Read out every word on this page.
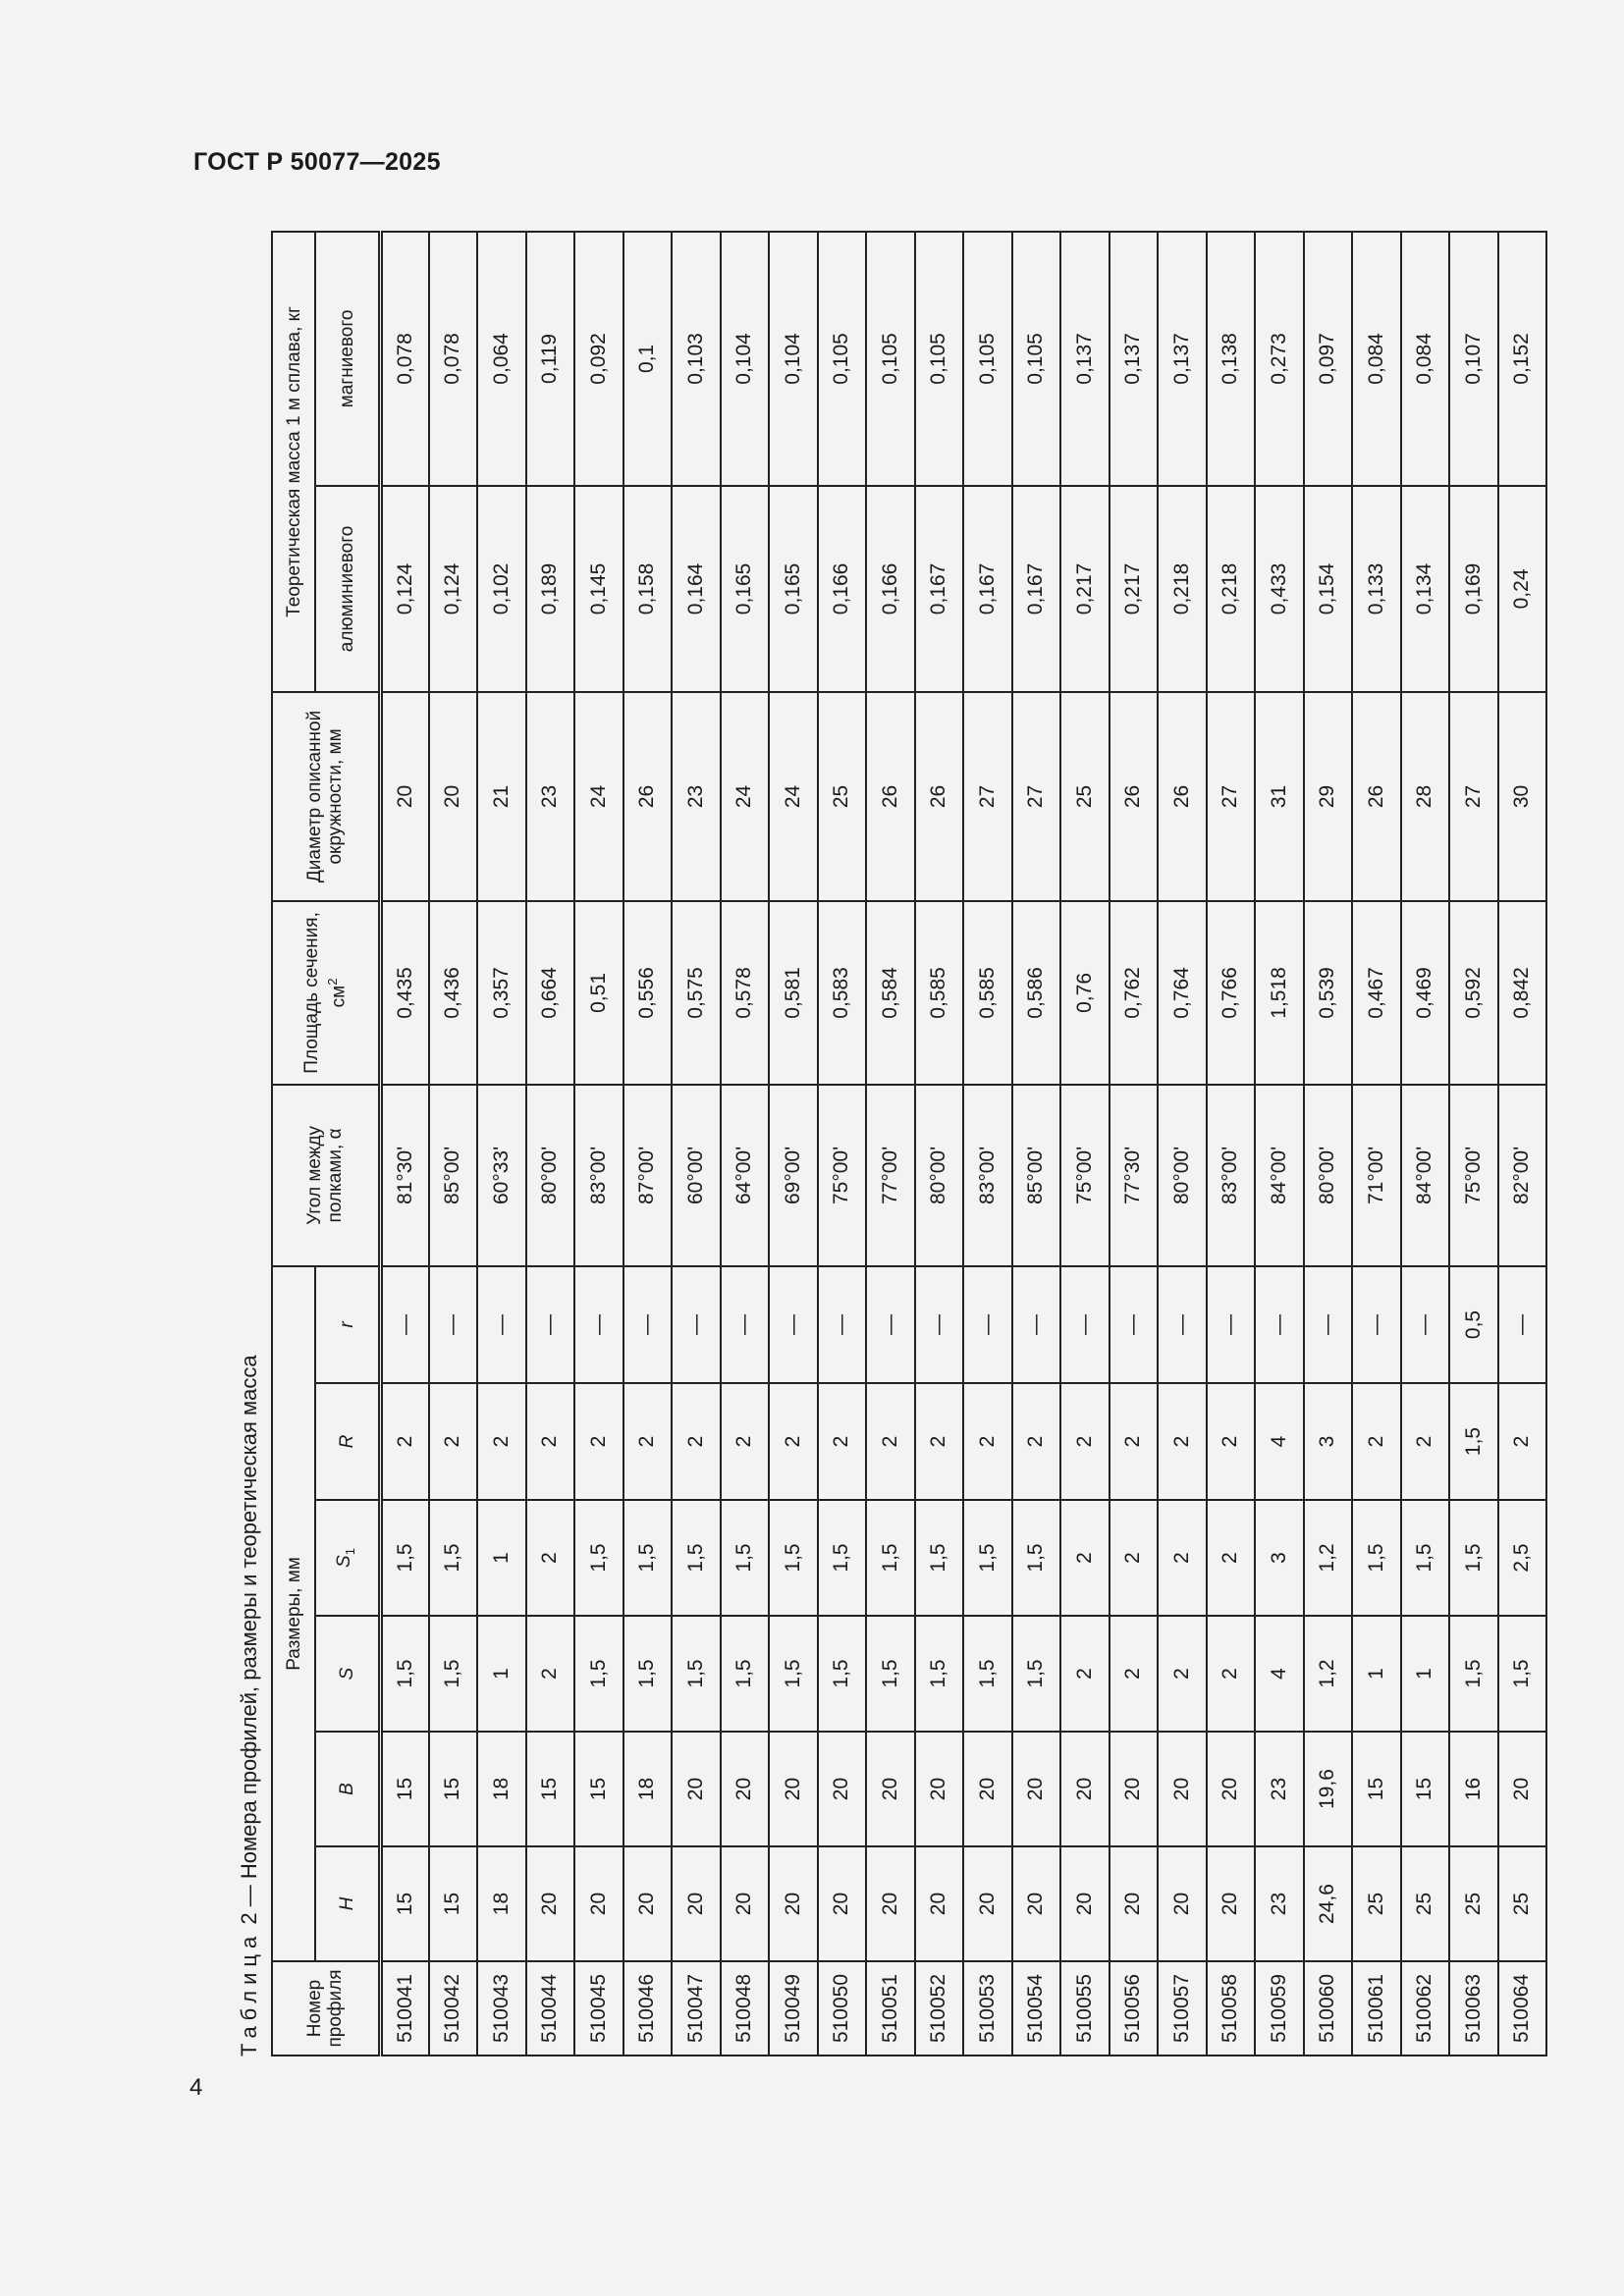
ГОСТ Р 50077—2025
Таблица 2 — Номера профилей, размеры и теоретическая масса
Номер профиля	Размеры, мм						Угол между полками, α	Площадь сечения, $см^2$	Диаметр описанной окружности, мм	Теоретическая масса 1 м сплава, кг	
	H	B	S	$S_1$	R	r				алюминиевого	магниевого
510041	15	15	1,5	1,5	2	—	81°30'	0,435	20	0,124	0,078
510042	15	15	1,5	1,5	2	—	85°00'	0,436	20	0,124	0,078
510043	18	18	1	1	2	—	60°33'	0,357	21	0,102	0,064
510044	20	15	2	2	2	—	80°00'	0,664	23	0,189	0,119
510045	20	15	1,5	1,5	2	—	83°00'	0,51	24	0,145	0,092
510046	20	18	1,5	1,5	2	—	87°00'	0,556	26	0,158	0,1
510047	20	20	1,5	1,5	2	—	60°00'	0,575	23	0,164	0,103
510048	20	20	1,5	1,5	2	—	64°00'	0,578	24	0,165	0,104
510049	20	20	1,5	1,5	2	—	69°00'	0,581	24	0,165	0,104
510050	20	20	1,5	1,5	2	—	75°00'	0,583	25	0,166	0,105
510051	20	20	1,5	1,5	2	—	77°00'	0,584	26	0,166	0,105
510052	20	20	1,5	1,5	2	—	80°00'	0,585	26	0,167	0,105
510053	20	20	1,5	1,5	2	—	83°00'	0,585	27	0,167	0,105
510054	20	20	1,5	1,5	2	—	85°00'	0,586	27	0,167	0,105
510055	20	20	2	2	2	—	75°00'	0,76	25	0,217	0,137
510056	20	20	2	2	2	—	77°30'	0,762	26	0,217	0,137
510057	20	20	2	2	2	—	80°00'	0,764	26	0,218	0,137
510058	20	20	2	2	2	—	83°00'	0,766	27	0,218	0,138
510059	23	23	4	3	4	—	84°00'	1,518	31	0,433	0,273
510060	24,6	19,6	1,2	1,2	3	—	80°00'	0,539	29	0,154	0,097
510061	25	15	1	1,5	2	—	71°00'	0,467	26	0,133	0,084
510062	25	15	1	1,5	2	—	84°00'	0,469	28	0,134	0,084
510063	25	16	1,5	1,5	1,5	0,5	75°00'	0,592	27	0,169	0,107
510064	25	20	1,5	2,5	2	—	82°00'	0,842	30	0,24	0,152
4
